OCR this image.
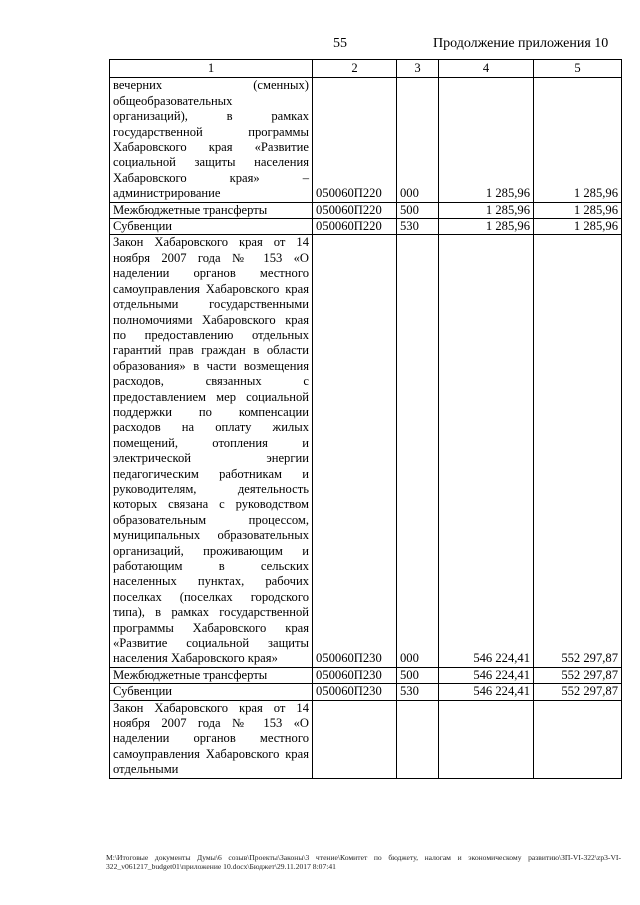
55	Продолжение приложения 10
1	2	3	4	5
вечерних (сменных) общеобразовательных организаций), в рамках государственной программы Хабаровского края «Развитие социальной защиты населения Хабаровского края» – администрирование	050060П220	000	1 285,96	1 285,96
Межбюджетные трансферты	050060П220	500	1 285,96	1 285,96
Субвенции	050060П220	530	1 285,96	1 285,96
Закон Хабаровского края от 14 ноября 2007 года № 153 «О наделении органов местного самоуправления Хабаровского края отдельными государственными полномочиями Хабаровского края по предоставлению отдельных гарантий прав граждан в области образования» в части возмещения расходов, связанных с предоставлением мер социальной поддержки по компенсации расходов на оплату жилых помещений, отопления и электрической энергии педагогическим работникам и руководителям, деятельность которых связана с руководством образовательным процессом, муниципальных образовательных организаций, проживающим и работающим в сельских населенных пунктах, рабочих поселках (поселках городского типа), в рамках государственной программы Хабаровского края «Развитие социальной защиты населения Хабаровского края»	050060П230	000	546 224,41	552 297,87
Межбюджетные трансферты	050060П230	500	546 224,41	552 297,87
Субвенции	050060П230	530	546 224,41	552 297,87
Закон Хабаровского края от 14 ноября 2007 года № 153 «О наделении органов местного самоуправления Хабаровского края отдельными				
M:\Итоговые документы Думы\6 созыв\Проекты\Законы\3 чтение\Комитет по бюджету, налогам и экономическому развитию\ЗП-VI-322\zp3-VI-322_v061217_budget01\приложение 10.docx\Бюджет\29.11.2017 8:07:41
